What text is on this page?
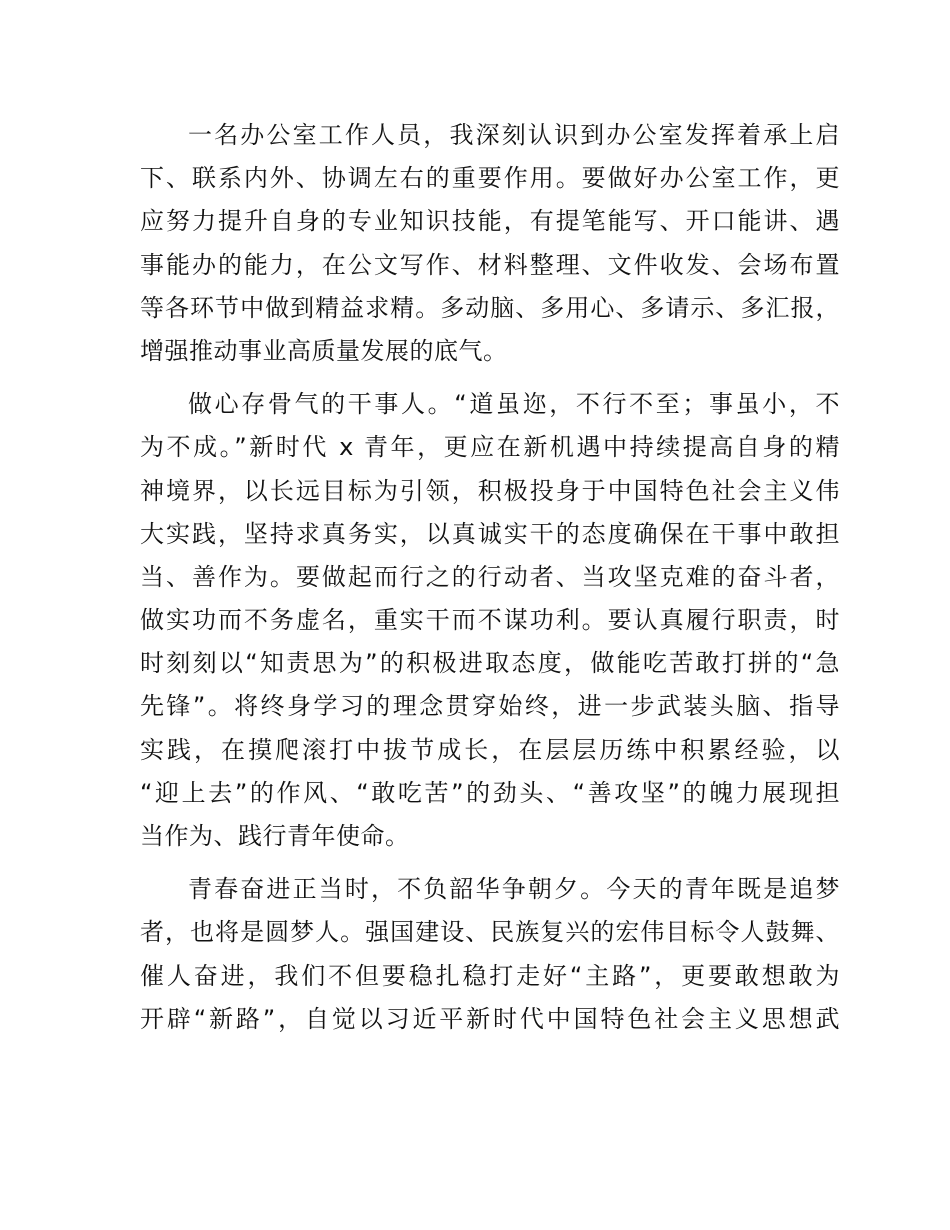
一名办公室工作人员，我深刻认识到办公室发挥着承上启
下、联系内外、协调左右的重要作用。要做好办公室工作，更
应努力提升自身的专业知识技能，有提笔能写、开口能讲、遇
事能办的能力，在公文写作、材料整理、文件收发、会场布置
等各环节中做到精益求精。多动脑、多用心、多请示、多汇报，
增强推动事业高质量发展的底气。
做心存骨气的干事人。“道虽迩，不行不至；事虽小，不
为不成。”新时代 x 青年，更应在新机遇中持续提高自身的精
神境界，以长远目标为引领，积极投身于中国特色社会主义伟
大实践，坚持求真务实，以真诚实干的态度确保在干事中敢担
当、善作为。要做起而行之的行动者、当攻坚克难的奋斗者，
做实功而不务虚名，重实干而不谋功利。要认真履行职责，时
时刻刻以“知责思为”的积极进取态度，做能吃苦敢打拼的“急
先锋”。将终身学习的理念贯穿始终，进一步武装头脑、指导
实践，在摸爬滚打中拔节成长，在层层历练中积累经验，以
“迎上去”的作风、“敢吃苦”的劲头、“善攻坚”的魄力展现担
当作为、践行青年使命。
青春奋进正当时，不负韶华争朝夕。今天的青年既是追梦
者，也将是圆梦人。强国建设、民族复兴的宏伟目标令人鼓舞、
催人奋进，我们不但要稳扎稳打走好“主路”，更要敢想敢为
开辟“新路”，自觉以习近平新时代中国特色社会主义思想武
